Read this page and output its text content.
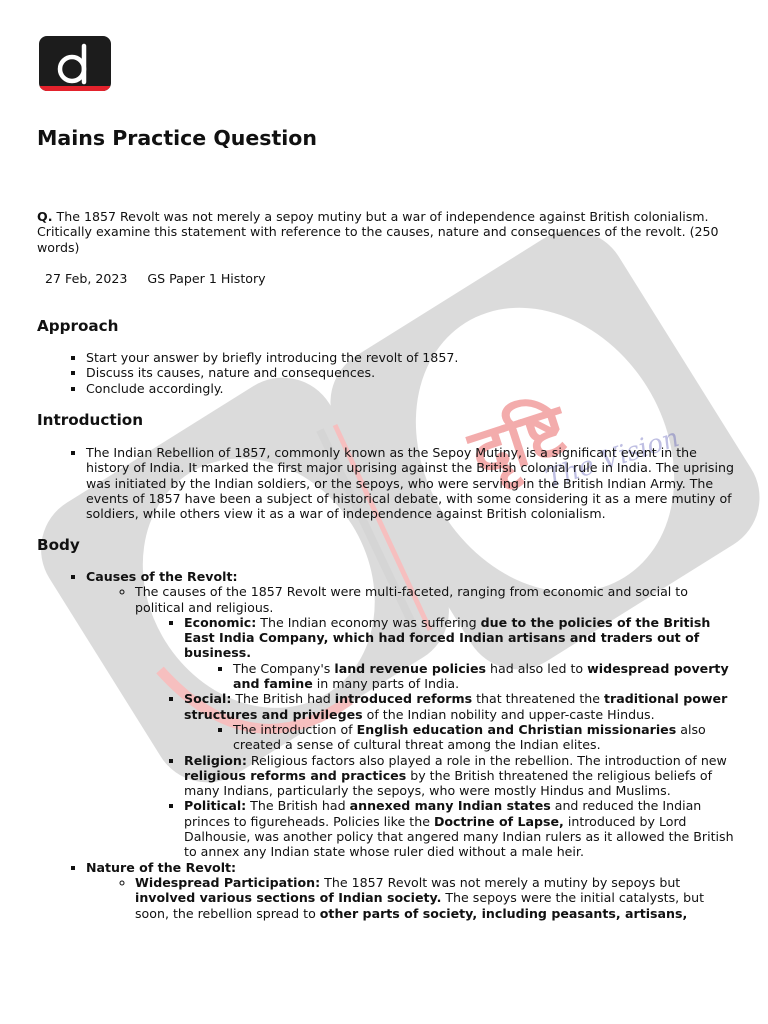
दृष्टि
The Vision
Mains Practice Question

Q. The 1857 Revolt was not merely a sepoy mutiny but a war of independence against British colonialism. Critically examine this statement with reference to the causes, nature and consequences of the revolt. (250 words)

27 Feb, 2023 GS Paper 1 History
Approach
▪ Start your answer by briefly introducing the revolt of 1857.
▪ Discuss its causes, nature and consequences.
▪ Conclude accordingly.
Introduction
▪ The Indian Rebellion of 1857, commonly known as the Sepoy Mutiny, is a significant event in the history of India. It marked the first major uprising against the British colonial rule in India. The uprising was initiated by the Indian soldiers, or the sepoys, who were serving in the British Indian Army. The events of 1857 have been a subject of historical debate, with some considering it as a mere mutiny of soldiers, while others view it as a war of independence against British colonialism.
Body
▪ Causes of the Revolt:
◦ The causes of the 1857 Revolt were multi-faceted, ranging from economic and social to political and religious.
▪ Economic: The Indian economy was suffering due to the policies of the British East India Company, which had forced Indian artisans and traders out of business.
▪ The Company's land revenue policies had also led to widespread poverty and famine in many parts of India.
▪ Social: The British had introduced reforms that threatened the traditional power structures and privileges of the Indian nobility and upper-caste Hindus.
▪ The introduction of English education and Christian missionaries also created a sense of cultural threat among the Indian elites.
▪ Religion: Religious factors also played a role in the rebellion. The introduction of new religious reforms and practices by the British threatened the religious beliefs of many Indians, particularly the sepoys, who were mostly Hindus and Muslims.
▪ Political: The British had annexed many Indian states and reduced the Indian princes to figureheads. Policies like the Doctrine of Lapse, introduced by Lord Dalhousie, was another policy that angered many Indian rulers as it allowed the British to annex any Indian state whose ruler died without a male heir.
▪ Nature of the Revolt:
◦ Widespread Participation: The 1857 Revolt was not merely a mutiny by sepoys but involved various sections of Indian society. The sepoys were the initial catalysts, but soon, the rebellion spread to other parts of society, including peasants, artisans,
